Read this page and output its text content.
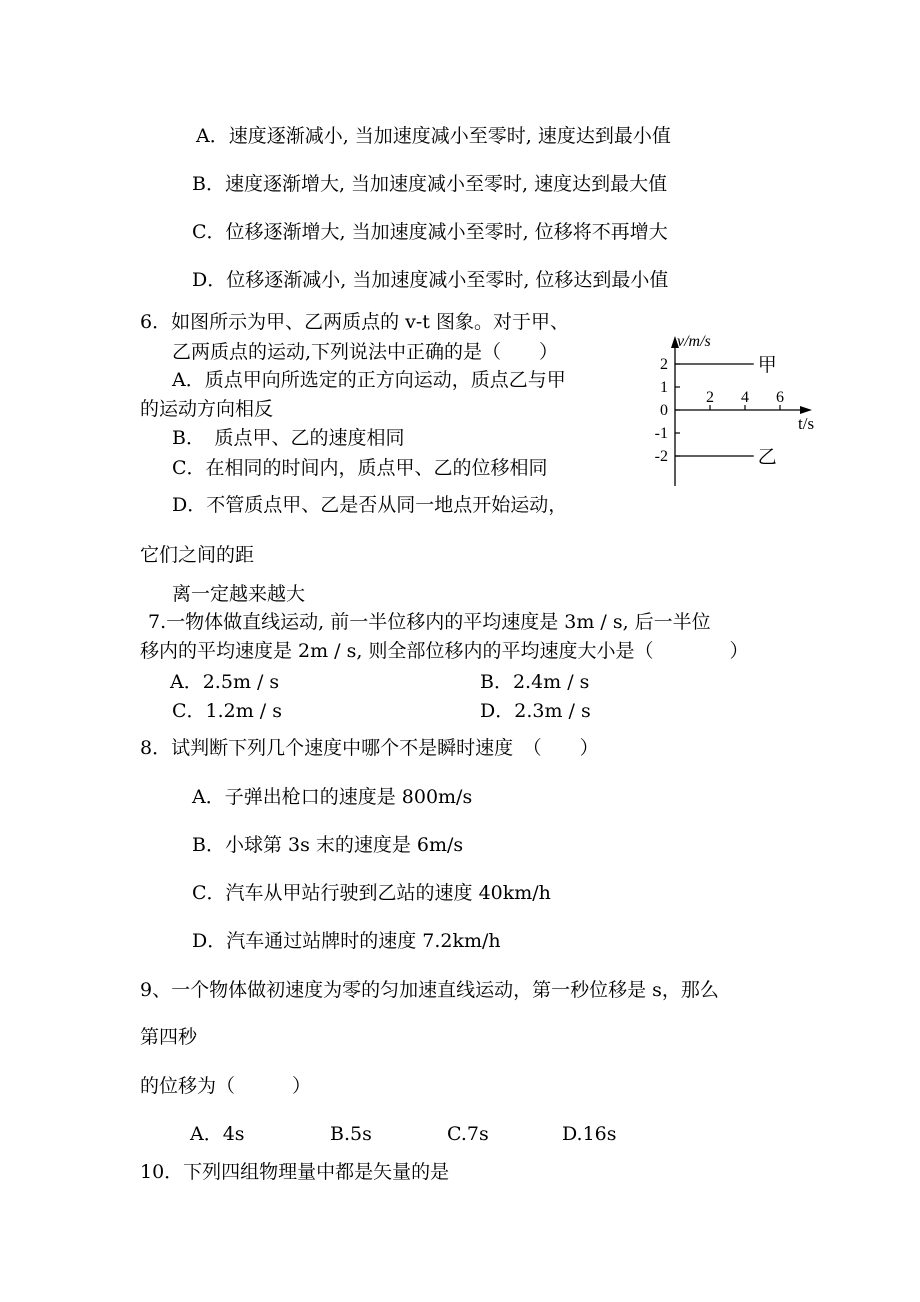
A．速度逐渐减小, 当加速度减小至零时, 速度达到最小值
B．速度逐渐增大, 当加速度减小至零时, 速度达到最大值
C．位移逐渐增大, 当加速度减小至零时, 位移将不再增大
D．位移逐渐减小, 当加速度减小至零时, 位移达到最小值
6．如图所示为甲、乙两质点的 v-t 图象。对于甲、
乙两质点的运动,下列说法中正确的是（　　）
A．质点甲向所选定的正方向运动，质点乙与甲
的运动方向相反
B．　质点甲、乙的速度相同
C．在相同的时间内，质点甲、乙的位移相同
D．不管质点甲、乙是否从同一地点开始运动，
它们之间的距
离一定越来越大
v/m/s
t/s
2 4 6
2
1
0
-1
-2
甲
乙
7.一物体做直线运动, 前一半位移内的平均速度是 3m / s, 后一半位
移内的平均速度是 2m / s, 则全部位移内的平均速度大小是（　　　　）
A．2.5m / s	B．2.4m / s
C．1.2m / s	D．2.3m / s
8．试判断下列几个速度中哪个不是瞬时速度　（　　）
A．子弹出枪口的速度是 800m/s
B．小球第 3s 末的速度是 6m/s
C．汽车从甲站行驶到乙站的速度 40km/h
D．汽车通过站牌时的速度 7.2km/h
9、一个物体做初速度为零的匀加速直线运动，第一秒位移是 s，那么
第四秒
的位移为（　　　）
A．4s	B.5s	C.7s	D.16s
10．下列四组物理量中都是矢量的是
